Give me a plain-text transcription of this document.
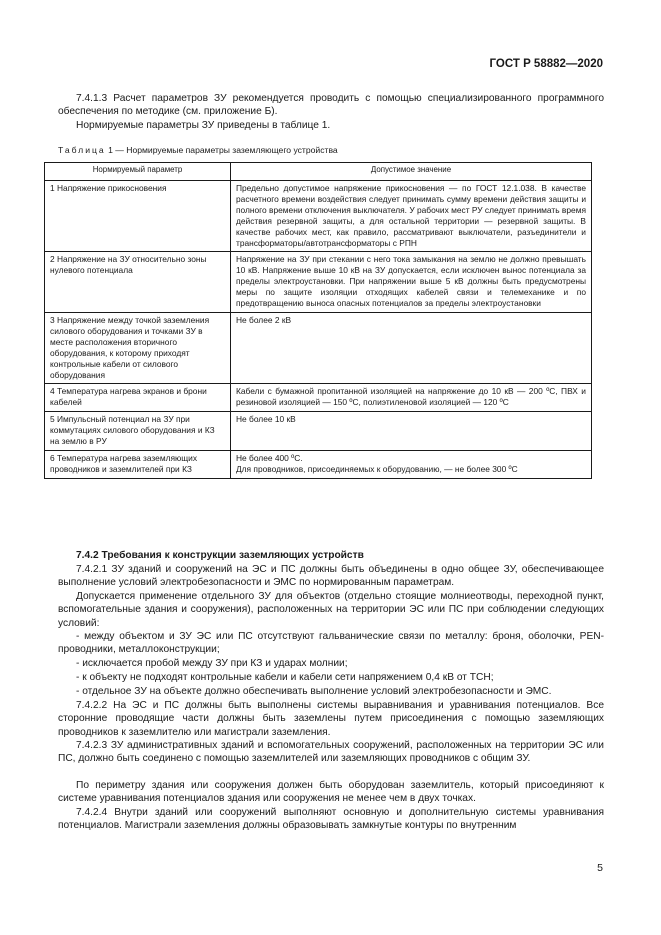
ГОСТ Р 58882—2020

7.4.1.3 Расчет параметров ЗУ рекомендуется проводить с помощью специализированного программного обеспечения по методике (см. приложение Б).

Нормируемые параметры ЗУ приведены в таблице 1.

Таблица 1 — Нормируемые параметры заземляющего устройства
Нормируемый параметр	Допустимое значение
1 Напряжение прикосновения	Предельно допустимое напряжение прикосновения — по ГОСТ 12.1.038. В качестве расчетного времени воздействия следует принимать сумму времени действия защиты и полного времени отключения выключателя. У рабочих мест РУ следует принимать время действия резервной защиты, а для остальной территории — резервной защиты. В качестве рабочих мест, как правило, рассматривают выключатели, разъединители и трансформаторы/автотрансформаторы с РПН
2 Напряжение на ЗУ относительно зоны нулевого потенциала	Напряжение на ЗУ при стекании с него тока замыкания на землю не должно превышать 10 кВ. Напряжение выше 10 кВ на ЗУ допускается, если исключен вынос потенциала за пределы электроустановки. При напряжении выше 5 кВ должны быть предусмотрены меры по защите изоляции отходящих кабелей связи и телемеханике и по предотвращению выноса опасных потенциалов за пределы электроустановки
3 Напряжение между точкой заземления силового оборудования и точками ЗУ в месте расположения вторичного оборудования, к которому приходят контрольные кабели от силового оборудования	Не более 2 кВ
4 Температура нагрева экранов и брони кабелей	Кабели с бумажной пропитанной изоляцией на напряжение до 10 кВ — 200 ºС, ПВХ и резиновой изоляцией — 150 ºС, полиэтиленовой изоляцией — 120 ºС
5 Импульсный потенциал на ЗУ при коммутациях силового оборудования и КЗ на землю в РУ	Не более 10 кВ
6 Температура нагрева заземляющих проводников и заземлителей при КЗ	Не более 400 ºС.
Для проводников, присоединяемых к оборудованию, — не более 300 ºС

7.4.2 Требования к конструкции заземляющих устройств

7.4.2.1 ЗУ зданий и сооружений на ЭС и ПС должны быть объединены в одно общее ЗУ, обеспечивающее выполнение условий электробезопасности и ЭМС по нормированным параметрам.

Допускается применение отдельного ЗУ для объектов (отдельно стоящие молниеотводы, переходной пункт, вспомогательные здания и сооружения), расположенных на территории ЭС или ПС при соблюдении следующих условий:

- между объектом и ЗУ ЭС или ПС отсутствуют гальванические связи по металлу: броня, оболочки, PEN-проводники, металлоконструкции;

- исключается пробой между ЗУ при КЗ и ударах молнии;

- к объекту не подходят контрольные кабели и кабели сети напряжением 0,4 кВ от ТСН;

- отдельное ЗУ на объекте должно обеспечивать выполнение условий электробезопасности и ЭМС.

7.4.2.2 На ЭС и ПС должны быть выполнены системы выравнивания и уравнивания потенциалов. Все сторонние проводящие части должны быть заземлены путем присоединения с помощью заземляющих проводников к заземлителю или магистрали заземления.

7.4.2.3 ЗУ административных зданий и вспомогательных сооружений, расположенных на территории ЭС или ПС, должно быть соединено с помощью заземлителей или заземляющих проводников с общим ЗУ.

По периметру здания или сооружения должен быть оборудован заземлитель, который присоединяют к системе уравнивания потенциалов здания или сооружения не менее чем в двух точках.

7.4.2.4 Внутри зданий или сооружений выполняют основную и дополнительную системы уравнивания потенциалов. Магистрали заземления должны образовывать замкнутые контуры по внутренним

5
